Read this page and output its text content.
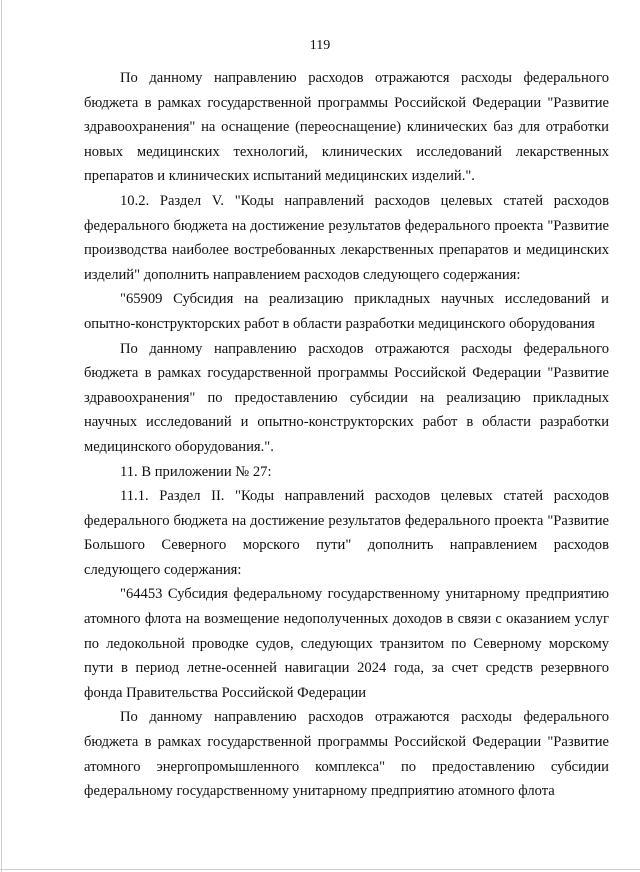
119

По данному направлению расходов отражаются расходы федерального бюджета в рамках государственной программы Российской Федерации "Развитие здравоохранения" на оснащение (переоснащение) клинических баз для отработки новых медицинских технологий, клинических исследований лекарственных препаратов и клинических испытаний медицинских изделий.".

10.2. Раздел V. "Коды направлений расходов целевых статей расходов федерального бюджета на достижение результатов федерального проекта "Развитие производства наиболее востребованных лекарственных препаратов и медицинских изделий" дополнить направлением расходов следующего содержания:

"65909 Субсидия на реализацию прикладных научных исследований и опытно-конструкторских работ в области разработки медицинского оборудования

По данному направлению расходов отражаются расходы федерального бюджета в рамках государственной программы Российской Федерации "Развитие здравоохранения" по предоставлению субсидии на реализацию прикладных научных исследований и опытно-конструкторских работ в области разработки медицинского оборудования.".

11. В приложении № 27:

11.1. Раздел II. "Коды направлений расходов целевых статей расходов федерального бюджета на достижение результатов федерального проекта "Развитие Большого Северного морского пути" дополнить направлением расходов следующего содержания:

"64453 Субсидия федеральному государственному унитарному предприятию атомного флота на возмещение недополученных доходов в связи с оказанием услуг по ледокольной проводке судов, следующих транзитом по Северному морскому пути в период летне-осенней навигации 2024 года, за счет средств резервного фонда Правительства Российской Федерации

По данному направлению расходов отражаются расходы федерального бюджета в рамках государственной программы Российской Федерации "Развитие атомного энергопромышленного комплекса" по предоставлению субсидии федеральному государственному унитарному предприятию атомного флота
